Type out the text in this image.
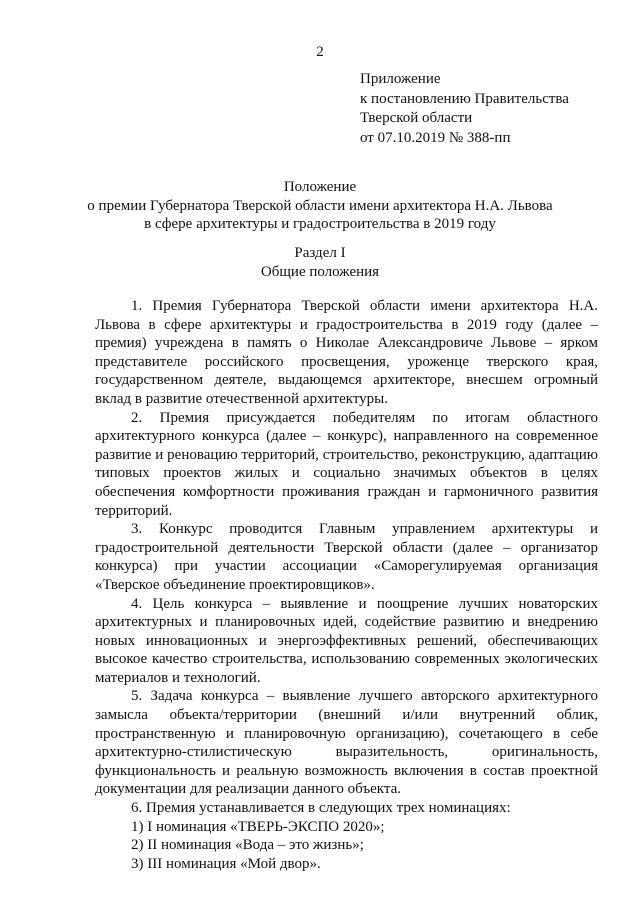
2
Приложение
к постановлению Правительства
Тверской области
от 07.10.2019 № 388-пп
Положение
о премии Губернатора Тверской области имени архитектора Н.А. Львова
в сфере архитектуры и градостроительства в 2019 году
Раздел I
Общие положения

1. Премия Губернатора Тверской области имени архитектора Н.А. Львова в сфере архитектуры и градостроительства в 2019 году (далее – премия) учреждена в память о Николае Александровиче Львове – ярком представителе российского просвещения, уроженце тверского края, государственном деятеле, выдающемся архитекторе, внесшем огромный вклад в развитие отечественной архитектуры.

2. Премия присуждается победителям по итогам областного архитектурного конкурса (далее – конкурс), направленного на современное развитие и реновацию территорий, строительство, реконструкцию, адаптацию типовых проектов жилых и социально значимых объектов в целях обеспечения комфортности проживания граждан и гармоничного развития территорий.

3. Конкурс проводится Главным управлением архитектуры и градостроительной деятельности Тверской области (далее – организатор конкурса) при участии ассоциации «Саморегулируемая организация «Тверское объединение проектировщиков».

4. Цель конкурса – выявление и поощрение лучших новаторских архитектурных и планировочных идей, содействие развитию и внедрению новых инновационных и энергоэффективных решений, обеспечивающих высокое качество строительства, использованию современных экологических материалов и технологий.

5. Задача конкурса – выявление лучшего авторского архитектурного замысла объекта/территории (внешний и/или внутренний облик, пространственную и планировочную организацию), сочетающего в себе архитектурно-стилистическую выразительность, оригинальность, функциональность и реальную возможность включения в состав проектной документации для реализации данного объекта.

6. Премия устанавливается в следующих трех номинациях:

1) I номинация «ТВЕРЬ-ЭКСПО 2020»;

2) II номинация «Вода – это жизнь»;

3) III номинация «Мой двор».
